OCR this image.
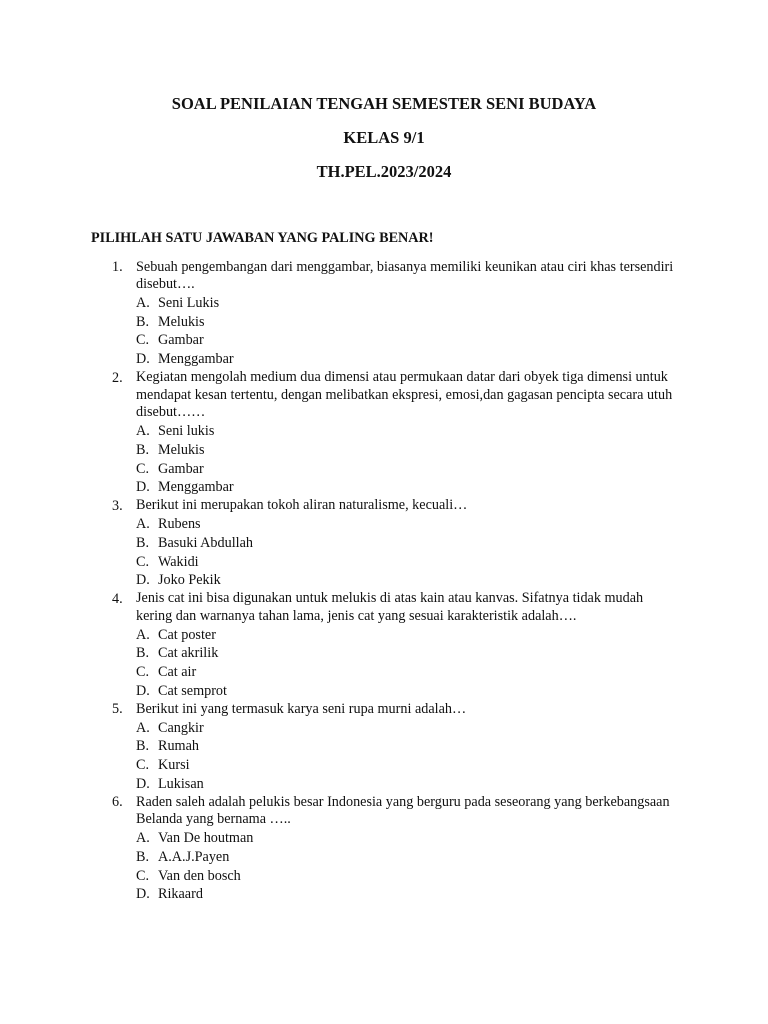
SOAL PENILAIAN TENGAH SEMESTER SENI BUDAYA
KELAS 9/1
TH.PEL.2023/2024
PILIHLAH SATU JAWABAN YANG PALING BENAR!
1. Sebuah pengembangan dari menggambar, biasanya memiliki keunikan atau ciri khas tersendiri disebut….
A. Seni Lukis
B. Melukis
C. Gambar
D. Menggambar
2. Kegiatan mengolah medium dua dimensi atau permukaan datar dari obyek tiga dimensi untuk mendapat kesan tertentu, dengan melibatkan ekspresi, emosi,dan gagasan pencipta secara utuh disebut……
A. Seni lukis
B. Melukis
C. Gambar
D. Menggambar
3. Berikut ini merupakan tokoh aliran naturalisme, kecuali…
A. Rubens
B. Basuki Abdullah
C. Wakidi
D. Joko Pekik
4. Jenis cat ini bisa digunakan untuk melukis di atas kain atau kanvas. Sifatnya tidak mudah kering dan warnanya tahan lama, jenis cat yang sesuai karakteristik adalah….
A. Cat poster
B. Cat akrilik
C. Cat air
D. Cat semprot
5. Berikut ini yang termasuk karya seni rupa murni adalah…
A. Cangkir
B. Rumah
C. Kursi
D. Lukisan
6. Raden saleh adalah pelukis besar Indonesia yang berguru pada seseorang yang berkebangsaan Belanda yang bernama …..
A. Van De houtman
B. A.A.J.Payen
C. Van den bosch
D. Rikaard
